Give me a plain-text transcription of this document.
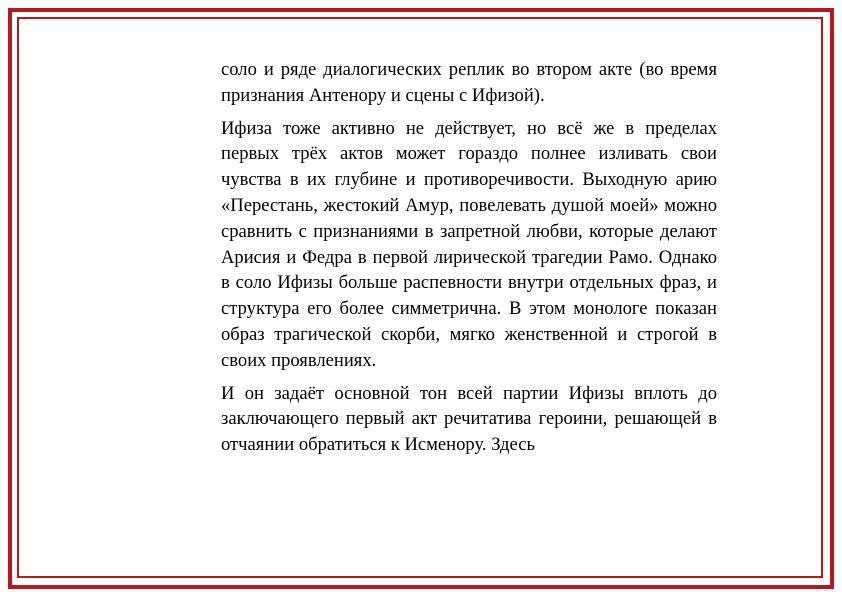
соло и ряде диалогических реплик во втором акте (во время признания Антенору и сцены с Ифизой).

Ифиза тоже активно не действует, но всё же в пределах первых трёх актов может гораздо полнее изливать свои чувства в их глубине и противоречивости. Выходную арию «Перестань, жестокий Амур, повелевать душой моей» можно сравнить с признаниями в запретной любви, которые делают Арисия и Федра в первой лирической трагедии Рамо. Однако в соло Ифизы больше распевности внутри отдельных фраз, и структура его более симметрична. В этом монологе показан образ трагической скорби, мягко женственной и строгой в своих проявлениях.

И он задаёт основной тон всей партии Ифизы вплоть до заключающего первый акт речитатива героини, решающей в отчаянии обратиться к Исменору. Здесь
